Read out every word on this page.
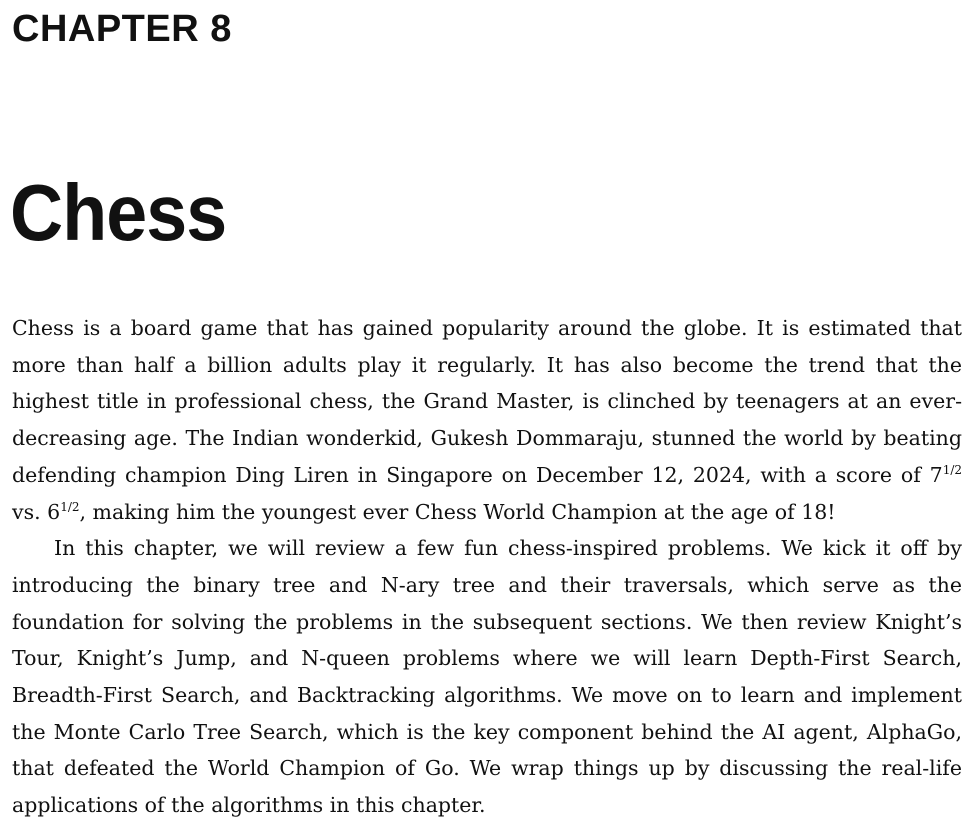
CHAPTER 8
Chess

Chess is a board game that has gained popularity around the globe. It is estimated that more than half a billion adults play it regularly. It has also become the trend that the highest title in professional chess, the Grand Master, is clinched by teenagers at an ever-decreasing age. The Indian wonderkid, Gukesh Dommaraju, stunned the world by beating defending champion Ding Liren in Singapore on December 12, 2024, with a score of $7^{1/2}$ vs. $6^{1/2}$, making him the youngest ever Chess World Champion at the age of 18!

In this chapter, we will review a few fun chess-inspired problems. We kick it off by introducing the binary tree and N-ary tree and their traversals, which serve as the foundation for solving the problems in the subsequent sections. We then review Knight’s Tour, Knight’s Jump, and N-queen problems where we will learn Depth-First Search, Breadth-First Search, and Backtracking algorithms. We move on to learn and implement the Monte Carlo Tree Search, which is the key component behind the AI agent, AlphaGo, that defeated the World Champion of Go. We wrap things up by discussing the real-life applications of the algorithms in this chapter.
